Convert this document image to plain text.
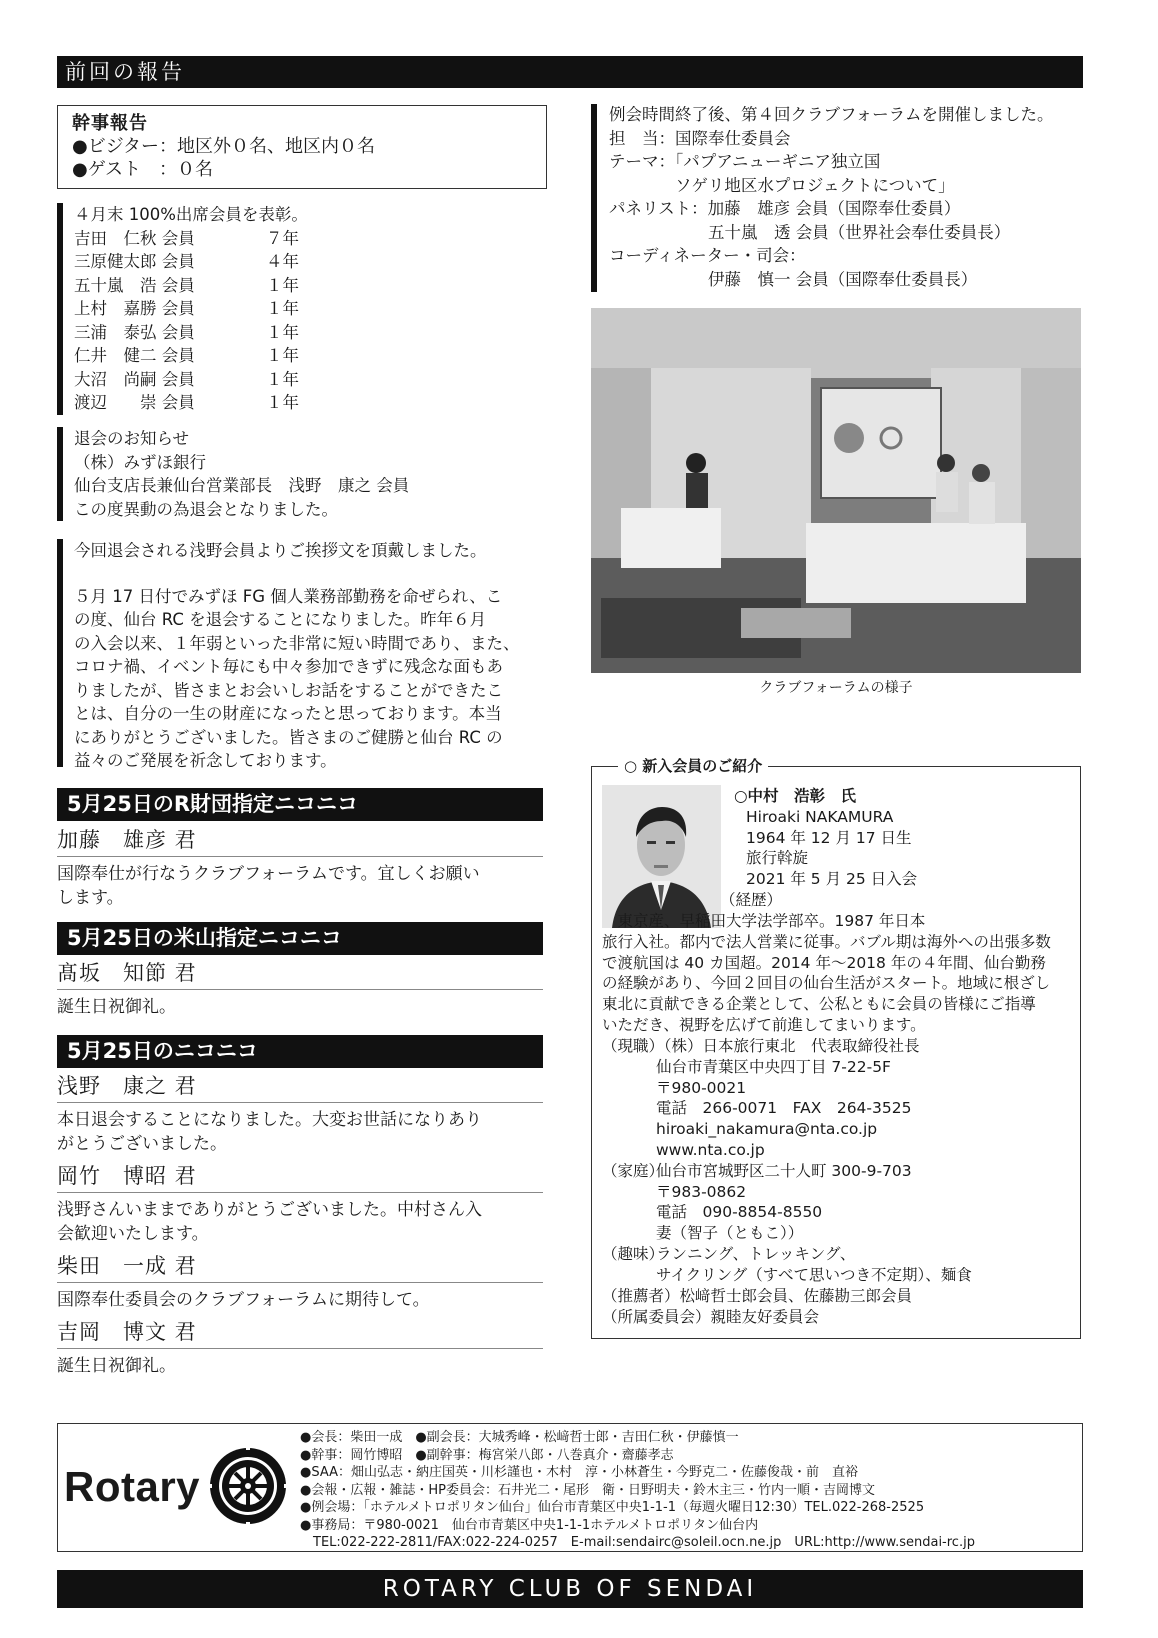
前回の報告
幹事報告
●ビジター：地区外０名、地区内０名
●ゲスト　：０名
４月末 100%出席会員を表彰。
吉田　仁秋 会員	７年
三原健太郎 会員	４年
五十嵐　浩 会員	１年
上村　嘉勝 会員	１年
三浦　泰弘 会員	１年
仁井　健二 会員	１年
大沼　尚嗣 会員	１年
渡辺　　崇 会員	１年
退会のお知らせ
（株）みずほ銀行
仙台支店長兼仙台営業部長　浅野　康之 会員
この度異動の為退会となりました。
今回退会される浅野会員よりご挨拶文を頂戴しました。
５月 17 日付でみずほ FG 個人業務部勤務を命ぜられ、こ
の度、仙台 RC を退会することになりました。昨年６月
の入会以来、１年弱といった非常に短い時間であり、また、
コロナ禍、イベント毎にも中々参加できずに残念な面もあ
りましたが、皆さまとお会いしお話をすることができたこ
とは、自分の一生の財産になったと思っております。本当
にありがとうございました。皆さまのご健勝と仙台 RC の
益々のご発展を祈念しております。
5月25日のR財団指定ニコニコ
加藤　雄彦 君
国際奉仕が行なうクラブフォーラムです。宜しくお願い
します。
5月25日の米山指定ニコニコ
髙坂　知節 君
誕生日祝御礼。
5月25日のニコニコ
浅野　康之 君
本日退会することになりました。大変お世話になりあり
がとうございました。
岡竹　博昭 君
浅野さんいままでありがとうございました。中村さん入
会歓迎いたします。
柴田　一成 君
国際奉仕委員会のクラブフォーラムに期待して。
吉岡　博文 君
誕生日祝御礼。
例会時間終了後、第４回クラブフォーラムを開催しました。
担　当：国際奉仕委員会
テーマ：「パプアニューギニア独立国
　　　　ソゲリ地区水プロジェクトについて」
パネリスト：加藤　雄彦 会員（国際奉仕委員）
　　　　　　五十嵐　透 会員（世界社会奉仕委員長）
コーディネーター・司会：
　　　　　　伊藤　慎一 会員（国際奉仕委員長）
クラブフォーラムの様子
○ 新入会員のご紹介
○中村　浩彰　氏
Hiroaki NAKAMURA
1964 年 12 月 17 日生
旅行斡旋
2021 年 5 月 25 日入会
（経歴）
　東京産、早稲田大学法学部卒。1987 年日本
旅行入社。都内で法人営業に従事。バブル期は海外への出張多数
で渡航国は 40 カ国超。2014 年～2018 年の４年間、仙台勤務
の経験があり、今回２回目の仙台生活がスタート。地域に根ざし
東北に貢献できる企業として、公私ともに会員の皆様にご指導
いただき、視野を広げて前進してまいります。
（現職）（株）日本旅行東北　代表取締役社長
仙台市青葉区中央四丁目 7-22-5F
〒980-0021
電話　266-0071　FAX　264-3525
hiroaki_nakamura@nta.co.jp
www.nta.co.jp
（家庭）仙台市宮城野区二十人町 300-9-703
〒983-0862
電話　090-8854-8550
妻（智子（ともこ））
（趣味）ランニング、トレッキング、
サイクリング（すべて思いつき不定期）、麺食
（推薦者）松﨑哲士郎会員、佐藤勘三郎会員
（所属委員会）親睦友好委員会
Rotary
●会長：柴田一成　●副会長：大城秀峰・松﨑哲士郎・吉田仁秋・伊藤慎一
●幹事：岡竹博昭　●副幹事：梅宮栄八郎・八巻真介・齋藤孝志
●SAA：畑山弘志・納庄国英・川杉謹也・木村　淳・小林蒼生・今野克二・佐藤俊哉・前　直裕
●会報・広報・雑誌・HP委員会：石井光二・尾形　衛・日野明夫・鈴木主三・竹内一順・吉岡博文
●例会場：「ホテルメトロポリタン仙台」仙台市青葉区中央1-1-1（毎週火曜日12:30）TEL.022-268-2525
●事務局：〒980-0021　仙台市青葉区中央1-1-1ホテルメトロポリタン仙台内
　TEL:022-222-2811/FAX:022-224-0257　E-mail:sendairc@soleil.ocn.ne.jp　URL:http://www.sendai-rc.jp
ROTARY CLUB OF SENDAI
